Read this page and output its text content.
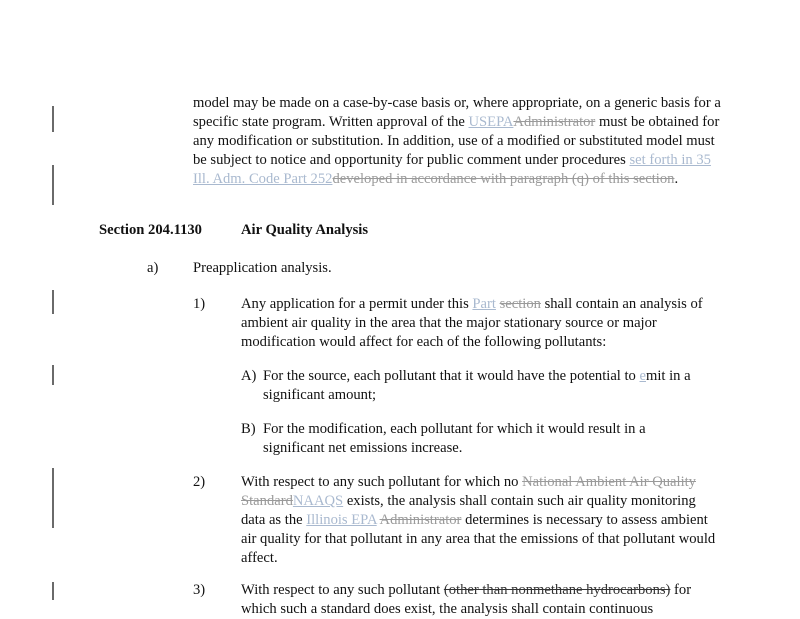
model may be made on a case-by-case basis or, where appropriate, on a generic basis for a specific state program. Written approval of the USEPAAdministrator must be obtained for any modification or substitution. In addition, use of a modified or substituted model must be subject to notice and opportunity for public comment under procedures set forth in 35 Ill. Adm. Code Part 252developed in accordance with paragraph (q) of this section.

Section 204.1130	Air Quality Analysis
a) Preapplication analysis.
1) Any application for a permit under this Part section shall contain an analysis of ambient air quality in the area that the major stationary source or major modification would affect for each of the following pollutants:

A) For the source, each pollutant that it would have the potential to emit in a significant amount;

B) For the modification, each pollutant for which it would result in a significant net emissions increase.

2) With respect to any such pollutant for which no National Ambient Air Quality StandardNAAQS exists, the analysis shall contain such air quality monitoring data as the Illinois EPA Administrator determines is necessary to assess ambient air quality for that pollutant in any area that the emissions of that pollutant would affect.

3) With respect to any such pollutant (other than nonmethane hydrocarbons) for which such a standard does exist, the analysis shall contain continuous
